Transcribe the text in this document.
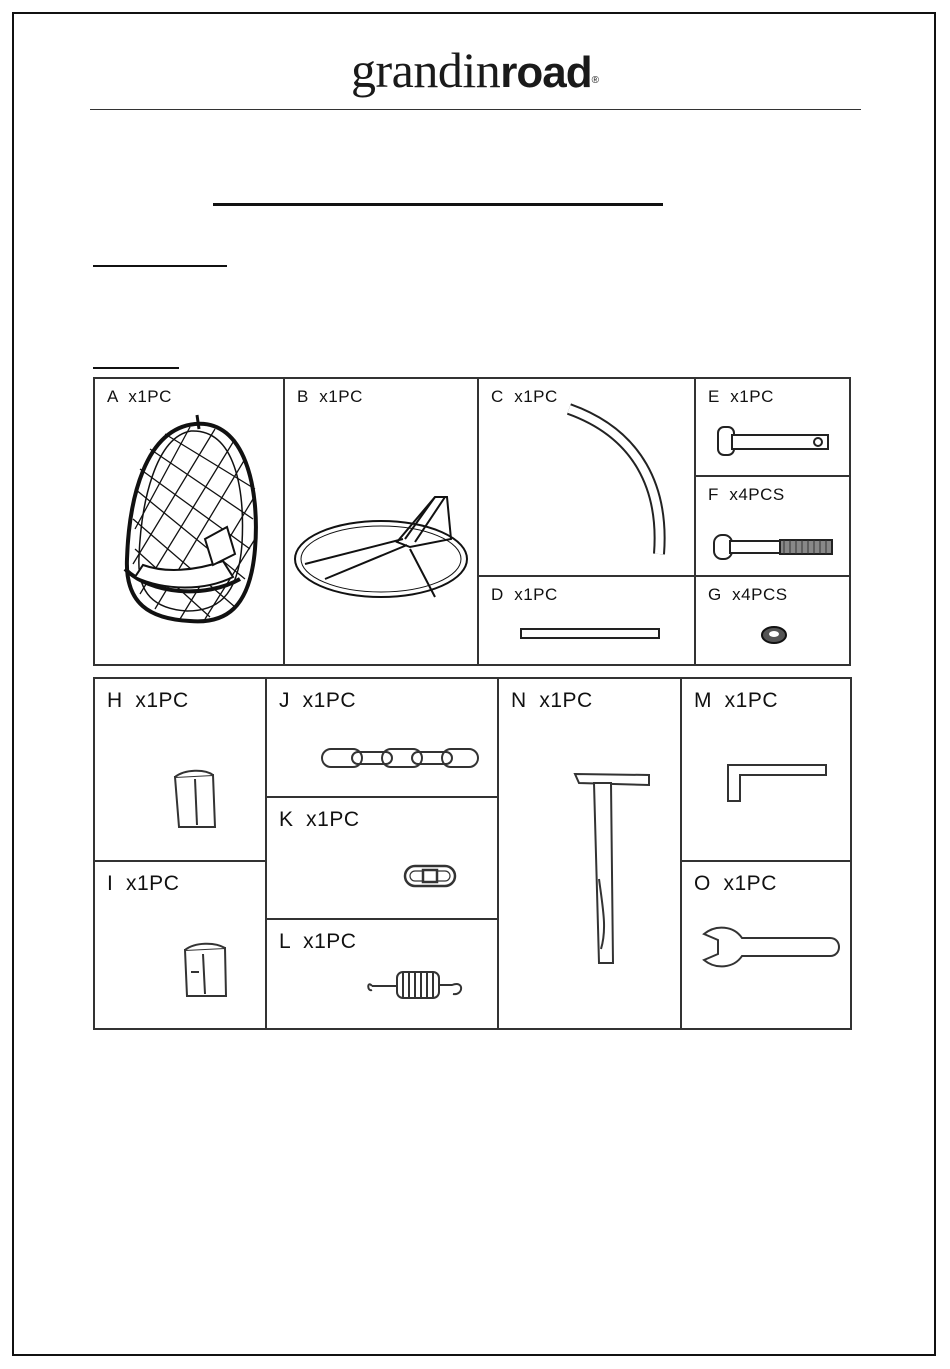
grandinroad®
A  x1PC	B  x1PC	C  x1PC
D  x1PC
E  x1PC
F  x4PCS
G  x4PCS
H  x1PC
I  x1PC
J  x1PC
K  x1PC
L  x1PC
N  x1PC	M  x1PC
O  x1PC
